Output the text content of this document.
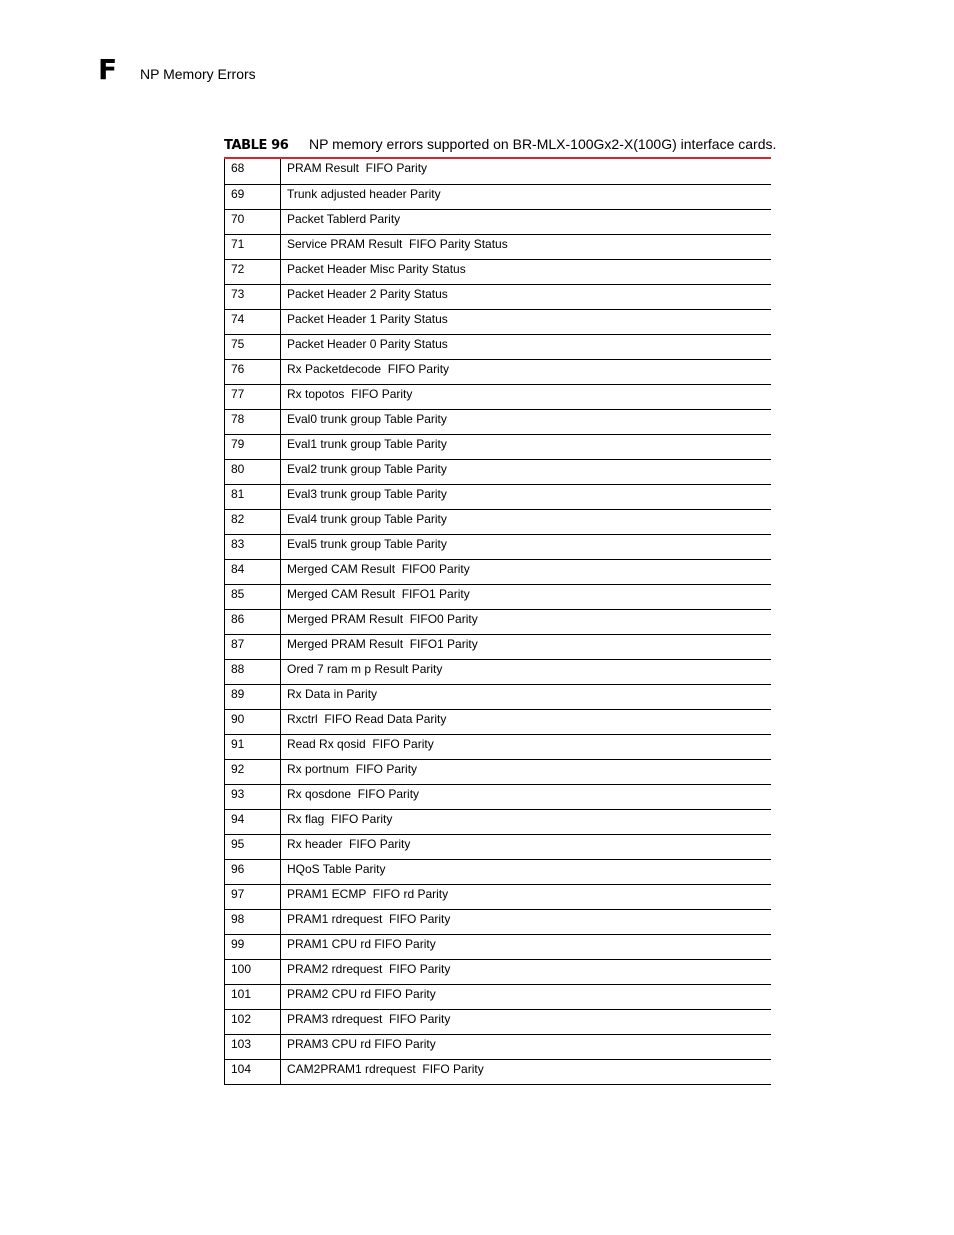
F NP Memory Errors
TABLE 96 NP memory errors supported on BR-MLX-100Gx2-X(100G) interface cards.
68	PRAM Result  FIFO Parity
69	Trunk adjusted header Parity
70	Packet Tablerd Parity
71	Service PRAM Result  FIFO Parity Status
72	Packet Header Misc Parity Status
73	Packet Header 2 Parity Status
74	Packet Header 1 Parity Status
75	Packet Header 0 Parity Status
76	Rx Packetdecode  FIFO Parity
77	Rx topotos  FIFO Parity
78	Eval0 trunk group Table Parity
79	Eval1 trunk group Table Parity
80	Eval2 trunk group Table Parity
81	Eval3 trunk group Table Parity
82	Eval4 trunk group Table Parity
83	Eval5 trunk group Table Parity
84	Merged CAM Result  FIFO0 Parity
85	Merged CAM Result  FIFO1 Parity
86	Merged PRAM Result  FIFO0 Parity
87	Merged PRAM Result  FIFO1 Parity
88	Ored 7 ram m p Result Parity
89	Rx Data in Parity
90	Rxctrl  FIFO Read Data Parity
91	Read Rx qosid  FIFO Parity
92	Rx portnum  FIFO Parity
93	Rx qosdone  FIFO Parity
94	Rx flag  FIFO Parity
95	Rx header  FIFO Parity
96	HQoS Table Parity
97	PRAM1 ECMP  FIFO rd Parity
98	PRAM1 rdrequest  FIFO Parity
99	PRAM1 CPU rd FIFO Parity
100	PRAM2 rdrequest  FIFO Parity
101	PRAM2 CPU rd FIFO Parity
102	PRAM3 rdrequest  FIFO Parity
103	PRAM3 CPU rd FIFO Parity
104	CAM2PRAM1 rdrequest  FIFO Parity
